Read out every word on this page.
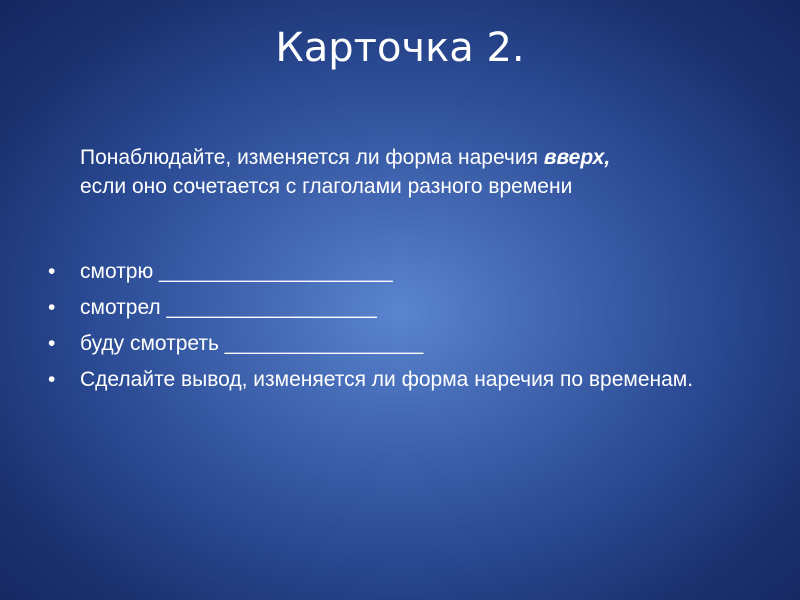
Карточка 2.
Понаблюдайте, изменяется ли форма наречия вверх,
если оно сочетается с глаголами разного времени
• смотрю ____________________
• смотрел __________________
• буду смотреть _________________
• Сделайте вывод, изменяется ли форма наречия по временам.
